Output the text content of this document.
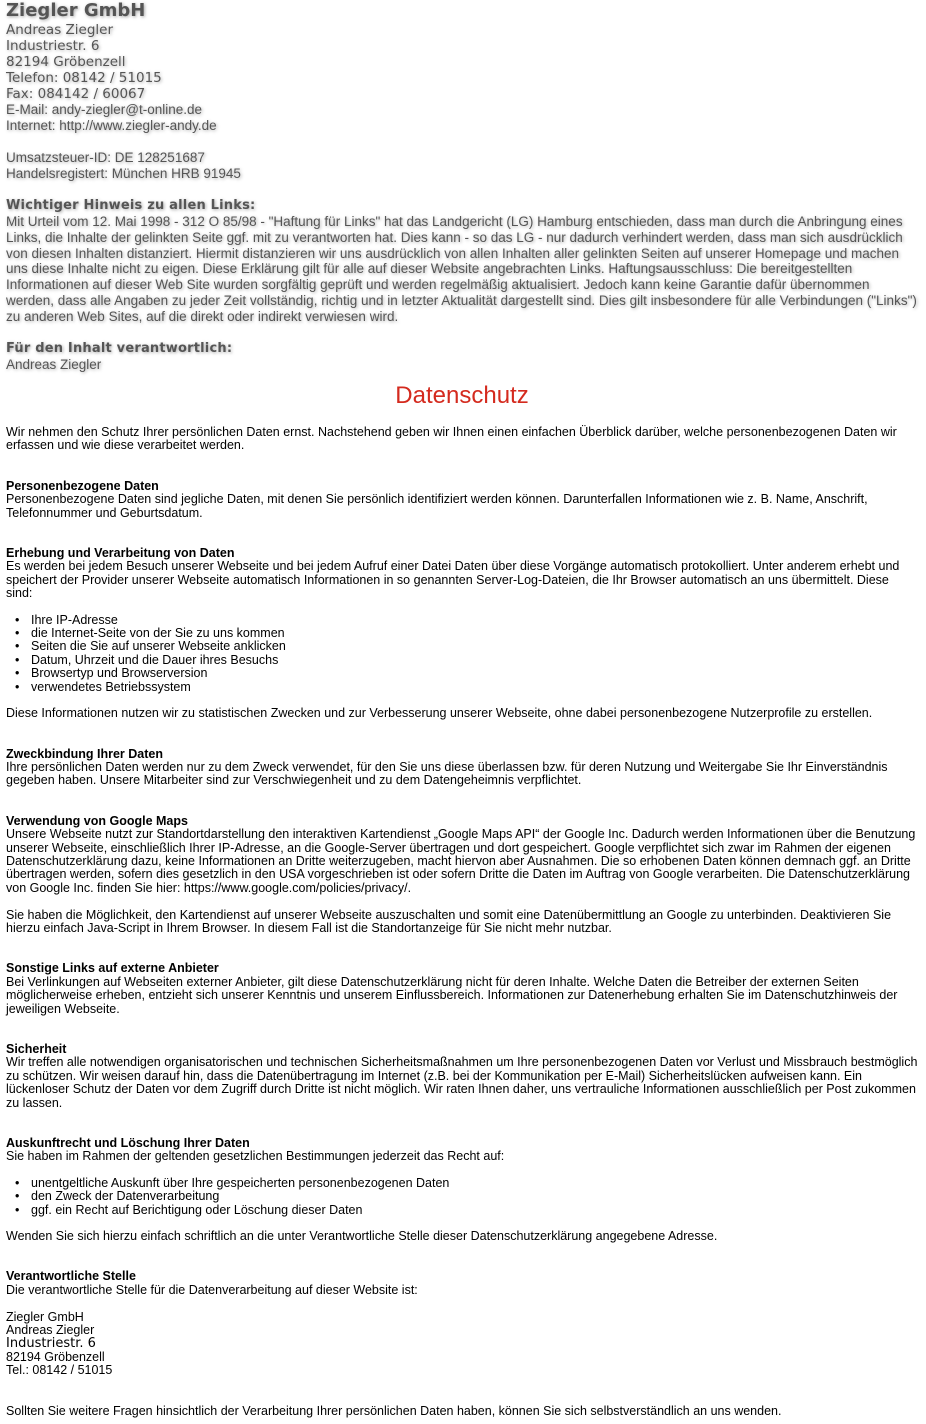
Ziegler GmbH
Andreas Ziegler
Industriestr. 6
82194 Gröbenzell
Telefon: 08142 / 51015
Fax: 084142 / 60067
E-Mail: andy-ziegler@t-online.de
Internet: http://www.ziegler-andy.de
Umsatzsteuer-ID: DE 128251687
Handelsregistert: München HRB 91945
Wichtiger Hinweis zu allen Links:

Mit Urteil vom 12. Mai 1998 - 312 O 85/98 - "Haftung für Links" hat das Landgericht (LG) Hamburg entschieden, dass man durch die Anbringung eines Links, die Inhalte der gelinkten Seite ggf. mit zu verantworten hat. Dies kann - so das LG - nur dadurch verhindert werden, dass man sich ausdrücklich von diesen Inhalten distanziert. Hiermit distanzieren wir uns ausdrücklich von allen Inhalten aller gelinkten Seiten auf unserer Homepage und machen uns diese Inhalte nicht zu eigen. Diese Erklärung gilt für alle auf dieser Website angebrachten Links. Haftungsausschluss: Die bereitgestellten Informationen auf dieser Web Site wurden sorgfältig geprüft und werden regelmäßig aktualisiert. Jedoch kann keine Garantie dafür übernommen werden, dass alle Angaben zu jeder Zeit vollständig, richtig und in letzter Aktualität dargestellt sind. Dies gilt insbesondere für alle Verbindungen ("Links") zu anderen Web Sites, auf die direkt oder indirekt verwiesen wird.

Für den Inhalt verantwortlich:
Andreas Ziegler
Datenschutz

Wir nehmen den Schutz Ihrer persönlichen Daten ernst. Nachstehend geben wir Ihnen einen einfachen Überblick darüber, welche personenbezogenen Daten wir erfassen und wie diese verarbeitet werden.

Personenbezogene Daten

Personenbezogene Daten sind jegliche Daten, mit denen Sie persönlich identifiziert werden können. Darunterfallen Informationen wie z. B. Name, Anschrift, Telefonnummer und Geburtsdatum.

Erhebung und Verarbeitung von Daten

Es werden bei jedem Besuch unserer Webseite und bei jedem Aufruf einer Datei Daten über diese Vorgänge automatisch protokolliert. Unter anderem erhebt und speichert der Provider unserer Webseite automatisch Informationen in so genannten Server-Log-Dateien, die Ihr Browser automatisch an uns übermittelt. Diese sind:

• Ihre IP-Adresse
• die Internet-Seite von der Sie zu uns kommen
• Seiten die Sie auf unserer Webseite anklicken
• Datum, Uhrzeit und die Dauer ihres Besuchs
• Browsertyp und Browserversion
• verwendetes Betriebssystem

Diese Informationen nutzen wir zu statistischen Zwecken und zur Verbesserung unserer Webseite, ohne dabei personenbezogene Nutzerprofile zu erstellen.

Zweckbindung Ihrer Daten

Ihre persönlichen Daten werden nur zu dem Zweck verwendet, für den Sie uns diese überlassen bzw. für deren Nutzung und Weitergabe Sie Ihr Einverständnis gegeben haben. Unsere Mitarbeiter sind zur Verschwiegenheit und zu dem Datengeheimnis verpflichtet.

Verwendung von Google Maps

Unsere Webseite nutzt zur Standortdarstellung den interaktiven Kartendienst „Google Maps API“ der Google Inc. Dadurch werden Informationen über die Benutzung unserer Webseite, einschließlich Ihrer IP-Adresse, an die Google-Server übertragen und dort gespeichert. Google verpflichtet sich zwar im Rahmen der eigenen Datenschutzerklärung dazu, keine Informationen an Dritte weiterzugeben, macht hiervon aber Ausnahmen. Die so erhobenen Daten können demnach ggf. an Dritte übertragen werden, sofern dies gesetzlich in den USA vorgeschrieben ist oder sofern Dritte die Daten im Auftrag von Google verarbeiten. Die Datenschutzerklärung von Google Inc. finden Sie hier: https://www.google.com/policies/privacy/.

Sie haben die Möglichkeit, den Kartendienst auf unserer Webseite auszuschalten und somit eine Datenübermittlung an Google zu unterbinden. Deaktivieren Sie hierzu einfach Java-Script in Ihrem Browser. In diesem Fall ist die Standortanzeige für Sie nicht mehr nutzbar.

Sonstige Links auf externe Anbieter

Bei Verlinkungen auf Webseiten externer Anbieter, gilt diese Datenschutzerklärung nicht für deren Inhalte. Welche Daten die Betreiber der externen Seiten möglicherweise erheben, entzieht sich unserer Kenntnis und unserem Einflussbereich. Informationen zur Datenerhebung erhalten Sie im Datenschutzhinweis der jeweiligen Webseite.

Sicherheit

Wir treffen alle notwendigen organisatorischen und technischen Sicherheitsmaßnahmen um Ihre personenbezogenen Daten vor Verlust und Missbrauch bestmöglich zu schützen. Wir weisen darauf hin, dass die Datenübertragung im Internet (z.B. bei der Kommunikation per E-Mail) Sicherheitslücken aufweisen kann. Ein lückenloser Schutz der Daten vor dem Zugriff durch Dritte ist nicht möglich. Wir raten Ihnen daher, uns vertrauliche Informationen ausschließlich per Post zukommen zu lassen.

Auskunftrecht und Löschung Ihrer Daten

Sie haben im Rahmen der geltenden gesetzlichen Bestimmungen jederzeit das Recht auf:

• unentgeltliche Auskunft über Ihre gespeicherten personenbezogenen Daten
• den Zweck der Datenverarbeitung
• ggf. ein Recht auf Berichtigung oder Löschung dieser Daten

Wenden Sie sich hierzu einfach schriftlich an die unter Verantwortliche Stelle dieser Datenschutzerklärung angegebene Adresse.

Verantwortliche Stelle

Die verantwortliche Stelle für die Datenverarbeitung auf dieser Website ist:

Ziegler GmbH
Andreas Ziegler
Industriestr. 6
82194 Gröbenzell
Tel.: 08142 / 51015

Sollten Sie weitere Fragen hinsichtlich der Verarbeitung Ihrer persönlichen Daten haben, können Sie sich selbstverständlich an uns wenden.
